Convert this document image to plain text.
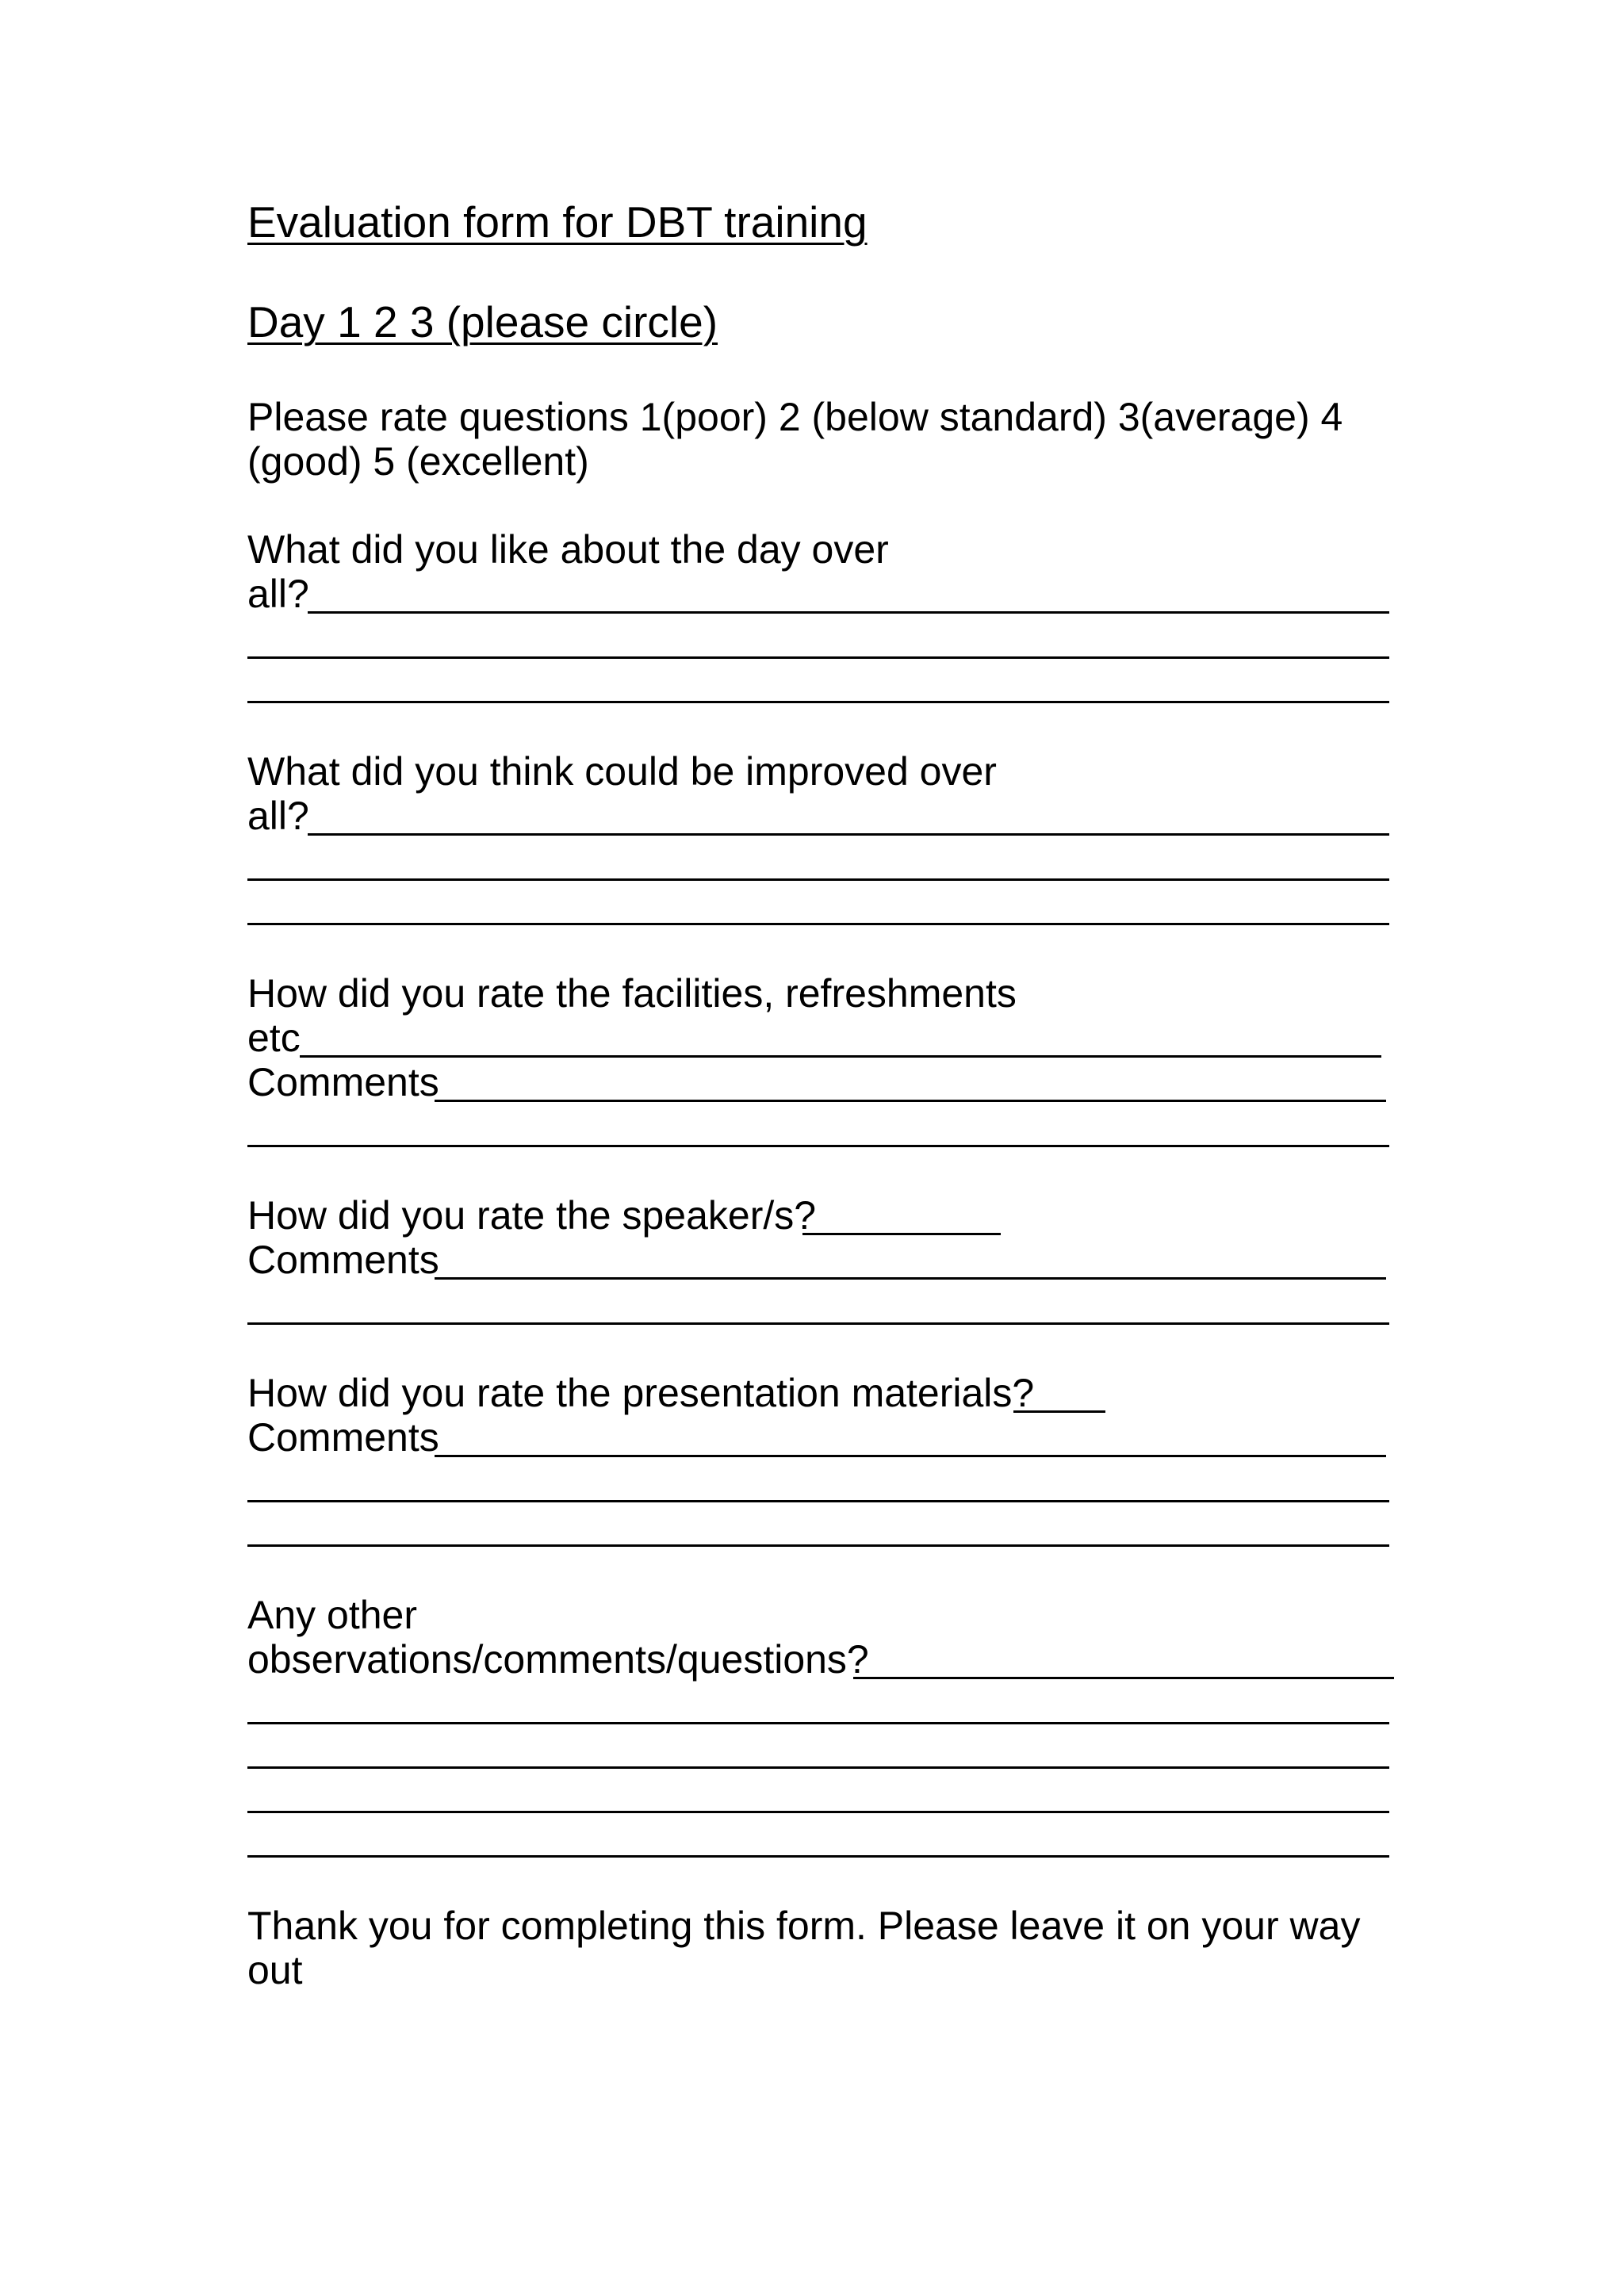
Evaluation form for DBT training
Day 1 2 3 (please circle)
Please rate questions 1(poor) 2 (below standard) 3(average) 4
(good) 5 (excellent)
What did you like about the day over
all?
What did you think could be improved over
all?
How did you rate the facilities, refreshments
etc
Comments
How did you rate the speaker/s?
Comments
How did you rate the presentation materials?
Comments
Any other
observations/comments/questions?
Thank you for completing this form. Please leave it on your way
out
